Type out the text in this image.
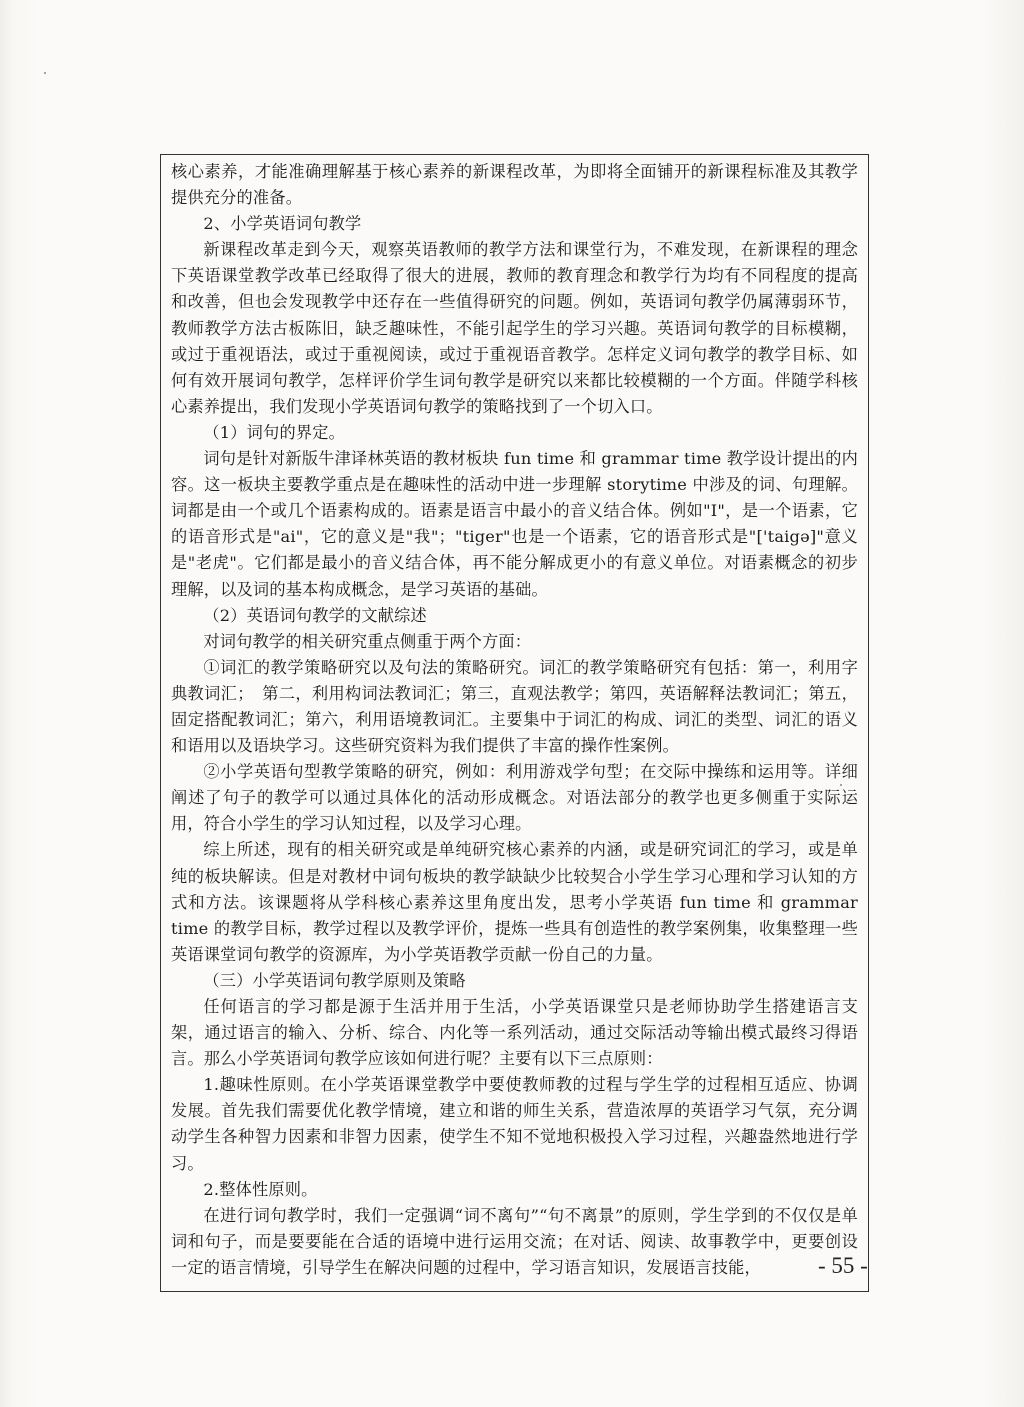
核心素养，才能准确理解基于核心素养的新课程改革，为即将全面铺开的新课程标准及其教学提供充分的准备。

2、小学英语词句教学

新课程改革走到今天，观察英语教师的教学方法和课堂行为，不难发现，在新课程的理念下英语课堂教学改革已经取得了很大的进展，教师的教育理念和教学行为均有不同程度的提高和改善，但也会发现教学中还存在一些值得研究的问题。例如，英语词句教学仍属薄弱环节，教师教学方法古板陈旧，缺乏趣味性，不能引起学生的学习兴趣。英语词句教学的目标模糊，或过于重视语法，或过于重视阅读，或过于重视语音教学。怎样定义词句教学的教学目标、如何有效开展词句教学，怎样评价学生词句教学是研究以来都比较模糊的一个方面。伴随学科核心素养提出，我们发现小学英语词句教学的策略找到了一个切入口。

（1）词句的界定。

词句是针对新版牛津译林英语的教材板块 fun time 和 grammar time 教学设计提出的内容。这一板块主要教学重点是在趣味性的活动中进一步理解 storytime 中涉及的词、句理解。词都是由一个或几个语素构成的。语素是语言中最小的音义结合体。例如"I"，是一个语素，它的语音形式是"ai"，它的意义是"我"；"tiger"也是一个语素，它的语音形式是"['taigə]"意义是"老虎"。它们都是最小的音义结合体，再不能分解成更小的有意义单位。对语素概念的初步理解，以及词的基本构成概念，是学习英语的基础。

（2）英语词句教学的文献综述

对词句教学的相关研究重点侧重于两个方面：

①词汇的教学策略研究以及句法的策略研究。词汇的教学策略研究有包括：第一，利用字典教词汇；　第二，利用构词法教词汇；第三，直观法教学；第四，英语解释法教词汇；第五，固定搭配教词汇；第六，利用语境教词汇。主要集中于词汇的构成、词汇的类型、词汇的语义和语用以及语块学习。这些研究资料为我们提供了丰富的操作性案例。

②小学英语句型教学策略的研究，例如：利用游戏学句型；在交际中操练和运用等。详细阐述了句子的教学可以通过具体化的活动形成概念。对语法部分的教学也更多侧重于实际运用，符合小学生的学习认知过程，以及学习心理。

综上所述，现有的相关研究或是单纯研究核心素养的内涵，或是研究词汇的学习，或是单纯的板块解读。但是对教材中词句板块的教学缺缺少比较契合小学生学习心理和学习认知的方式和方法。该课题将从学科核心素养这里角度出发，思考小学英语 fun time 和 grammar time 的教学目标，教学过程以及教学评价，提炼一些具有创造性的教学案例集，收集整理一些英语课堂词句教学的资源库，为小学英语教学贡献一份自己的力量。

（三）小学英语词句教学原则及策略

任何语言的学习都是源于生活并用于生活，小学英语课堂只是老师协助学生搭建语言支架，通过语言的输入、分析、综合、内化等一系列活动，通过交际活动等输出模式最终习得语言。那么小学英语词句教学应该如何进行呢？主要有以下三点原则：

1.趣味性原则。在小学英语课堂教学中要使教师教的过程与学生学的过程相互适应、协调发展。首先我们需要优化教学情境，建立和谐的师生关系，营造浓厚的英语学习气氛，充分调动学生各种智力因素和非智力因素，使学生不知不觉地积极投入学习过程，兴趣盎然地进行学习。

2.整体性原则。

在进行词句教学时，我们一定强调“词不离句”“句不离景”的原则，学生学到的不仅仅是单词和句子，而是要要能在合适的语境中进行运用交流；在对话、阅读、故事教学中，更要创设一定的语言情境，引导学生在解决问题的过程中，学习语言知识，发展语言技能，	- 55 -
